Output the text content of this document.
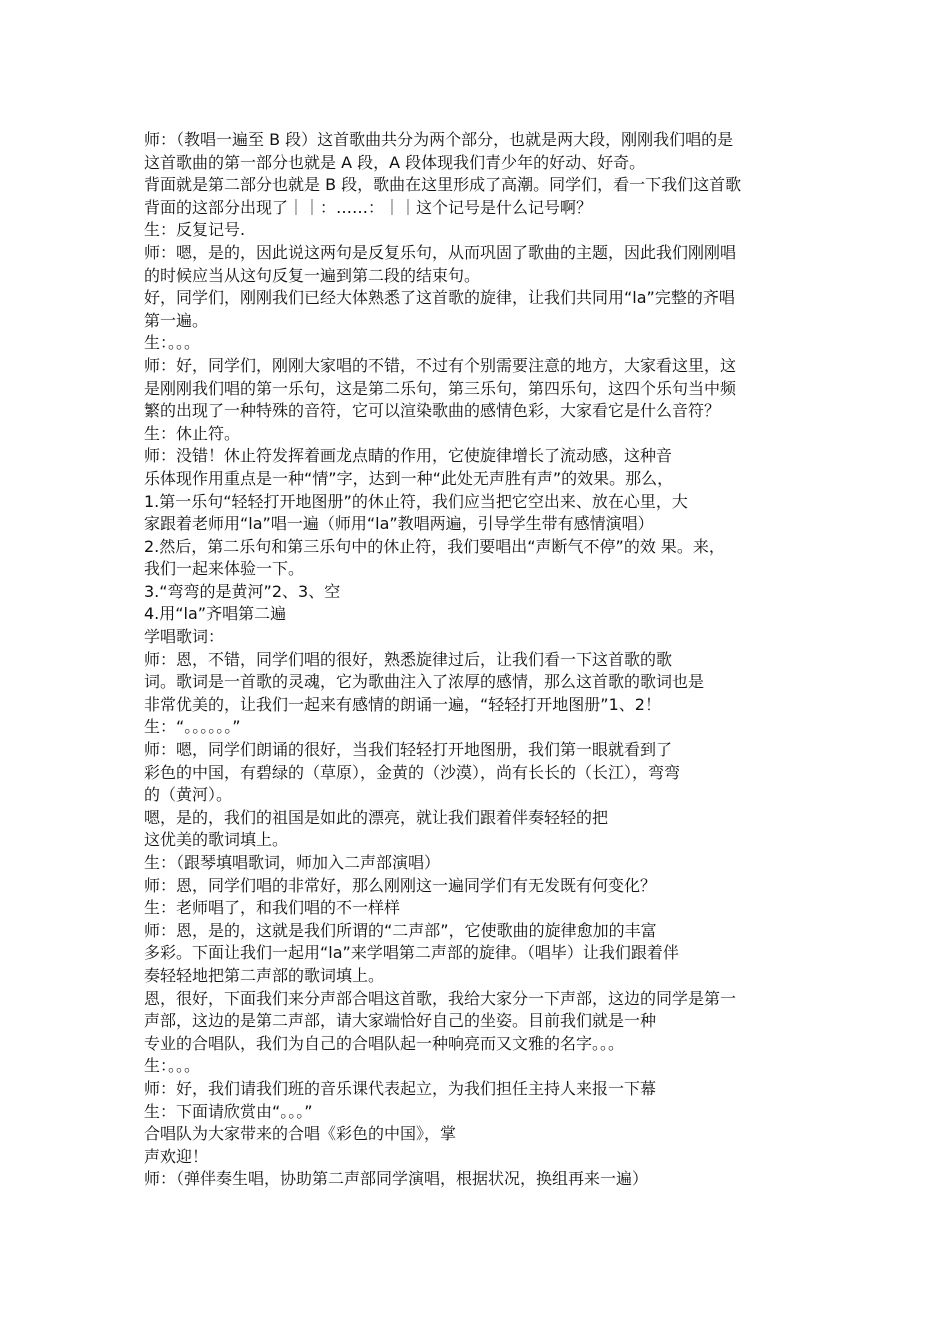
师：（教唱一遍至 B 段）这首歌曲共分为两个部分，也就是两大段，刚刚我们唱的是
这首歌曲的第一部分也就是 A 段，A 段体现我们青少年的好动、好奇。
背面就是第二部分也就是 B 段，歌曲在这里形成了高潮。同学们，看一下我们这首歌
背面的这部分出现了｜｜：……：｜｜这个记号是什么记号啊？
生：反复记号.
师：嗯，是的，因此说这两句是反复乐句，从而巩固了歌曲的主题，因此我们刚刚唱
的时候应当从这句反复一遍到第二段的结束句。
好，同学们，刚刚我们已经大体熟悉了这首歌的旋律，让我们共同用“la”完整的齐唱
第一遍。
生：。。。
师：好，同学们，刚刚大家唱的不错，不过有个别需要注意的地方，大家看这里，这
是刚刚我们唱的第一乐句，这是第二乐句，第三乐句，第四乐句，这四个乐句当中频
繁的出现了一种特殊的音符，它可以渲染歌曲的感情色彩，大家看它是什么音符？
生：休止符。
师：没错！休止符发挥着画龙点睛的作用，它使旋律增长了流动感，这种音
乐体现作用重点是一种“情”字，达到一种“此处无声胜有声”的效果。那么，
1.第一乐句“轻轻打开地图册”的休止符，我们应当把它空出来、放在心里，大
家跟着老师用“la”唱一遍（师用“la”教唱两遍，引导学生带有感情演唱）
2.然后，第二乐句和第三乐句中的休止符，我们要唱出“声断气不停”的效 果。来，
我们一起来体验一下。
3.“弯弯的是黄河”2、3、空
4.用“la”齐唱第二遍
学唱歌词：
师：恩，不错，同学们唱的很好，熟悉旋律过后，让我们看一下这首歌的歌
词。歌词是一首歌的灵魂，它为歌曲注入了浓厚的感情，那么这首歌的歌词也是
非常优美的，让我们一起来有感情的朗诵一遍，“轻轻打开地图册”1、2！
生：“。。。。。。”
师：嗯，同学们朗诵的很好，当我们轻轻打开地图册，我们第一眼就看到了
彩色的中国，有碧绿的（草原），金黄的（沙漠），尚有长长的（长江），弯弯
的（黄河）。
嗯，是的，我们的祖国是如此的漂亮，就让我们跟着伴奏轻轻的把
这优美的歌词填上。
生：（跟琴填唱歌词，师加入二声部演唱）
师：恩，同学们唱的非常好，那么刚刚这一遍同学们有无发既有何变化？
生：老师唱了，和我们唱的不一样样
师：恩，是的，这就是我们所谓的“二声部”，它使歌曲的旋律愈加的丰富
多彩。下面让我们一起用“la”来学唱第二声部的旋律。（唱毕）让我们跟着伴
奏轻轻地把第二声部的歌词填上。
恩，很好，下面我们来分声部合唱这首歌，我给大家分一下声部，这边的同学是第一
声部，这边的是第二声部，请大家端恰好自己的坐姿。目前我们就是一种
专业的合唱队，我们为自己的合唱队起一种响亮而又文雅的名字。。。
生：。。。
师：好，我们请我们班的音乐课代表起立，为我们担任主持人来报一下幕
生：下面请欣赏由“。。。”
合唱队为大家带来的合唱《彩色的中国》，掌
声欢迎！
师：（弹伴奏生唱，协助第二声部同学演唱，根据状况，换组再来一遍）
